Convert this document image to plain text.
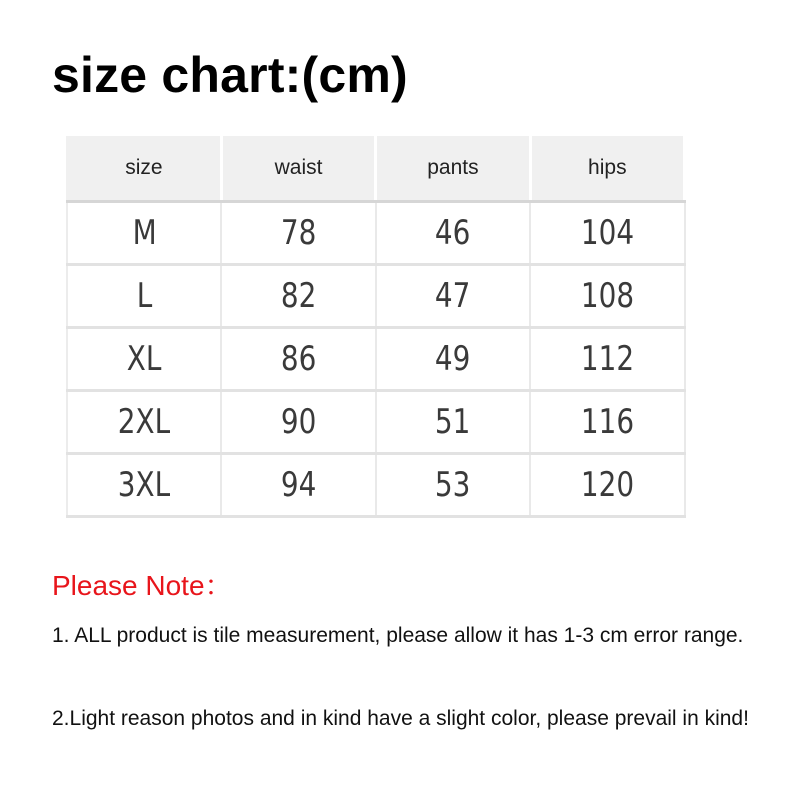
size chart:(cm)
size	waist	pants	hips
M	78	46	104
L	82	47	108
XL	86	49	112
2XL	90	51	116
3XL	94	53	120
Please Note：

1. ALL product is tile measurement, please allow it has 1-3 cm error range.

2.Light reason photos and in kind have a slight color, please prevail in kind!
